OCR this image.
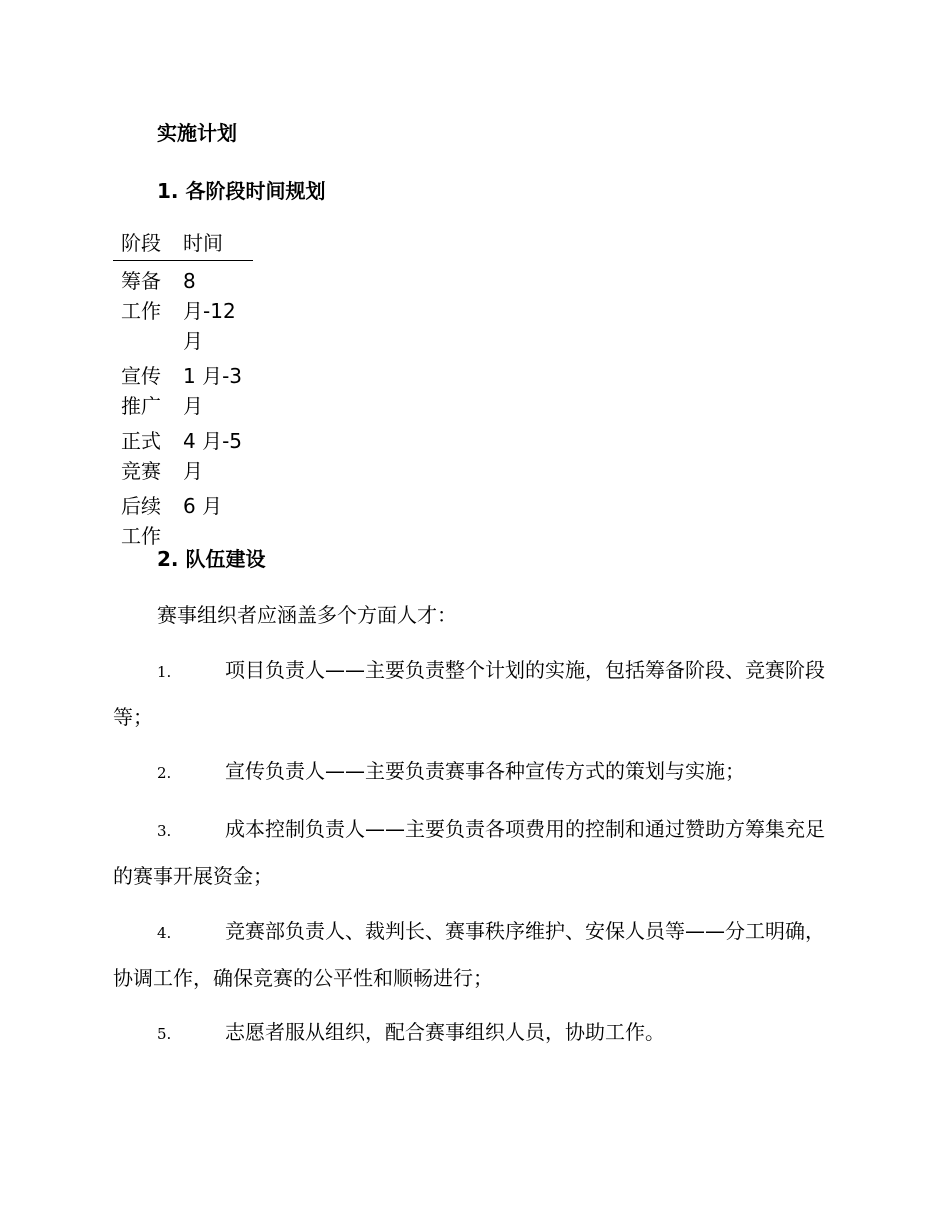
实施计划
1. 各阶段时间规划
阶段	时间
筹备工作	8 月-12 月
宣传推广	1 月-3 月
正式竞赛	4 月-5 月
后续工作	6 月
2. 队伍建设

赛事组织者应涵盖多个方面人才：

1.	项目负责人——主要负责整个计划的实施，包括筹备阶段、竞赛阶段等；

2.	宣传负责人——主要负责赛事各种宣传方式的策划与实施；

3.	成本控制负责人——主要负责各项费用的控制和通过赞助方筹集充足的赛事开展资金；

4.	竞赛部负责人、裁判长、赛事秩序维护、安保人员等——分工明确，协调工作，确保竞赛的公平性和顺畅进行；

5.	志愿者服从组织，配合赛事组织人员，协助工作。
